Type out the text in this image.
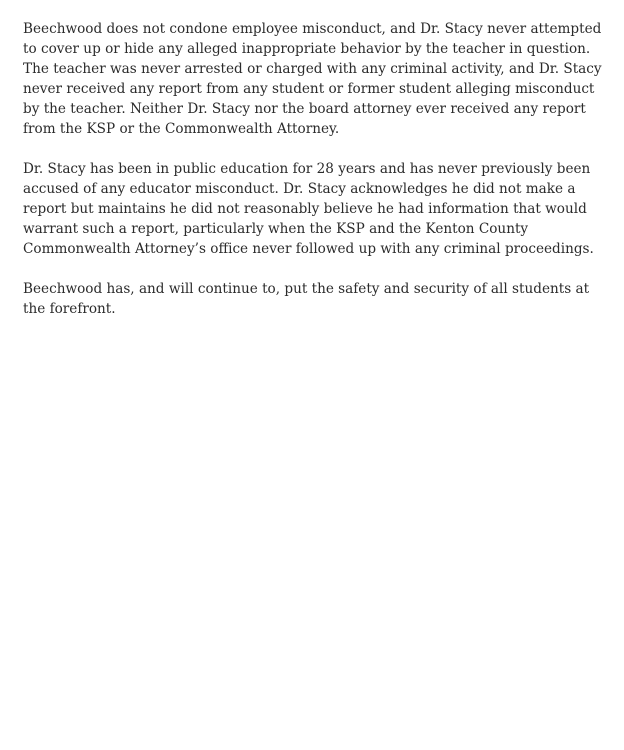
Beechwood does not condone employee misconduct, and Dr. Stacy never attempted to cover up or hide any alleged inappropriate behavior by the teacher in question. The teacher was never arrested or charged with any criminal activity, and Dr. Stacy never received any report from any student or former student alleging misconduct by the teacher. Neither Dr. Stacy nor the board attorney ever received any report from the KSP or the Commonwealth Attorney.

Dr. Stacy has been in public education for 28 years and has never previously been accused of any educator misconduct. Dr. Stacy acknowledges he did not make a report but maintains he did not reasonably believe he had information that would warrant such a report, particularly when the KSP and the Kenton County Commonwealth Attorney’s office never followed up with any criminal proceedings.

Beechwood has, and will continue to, put the safety and security of all students at the forefront.
